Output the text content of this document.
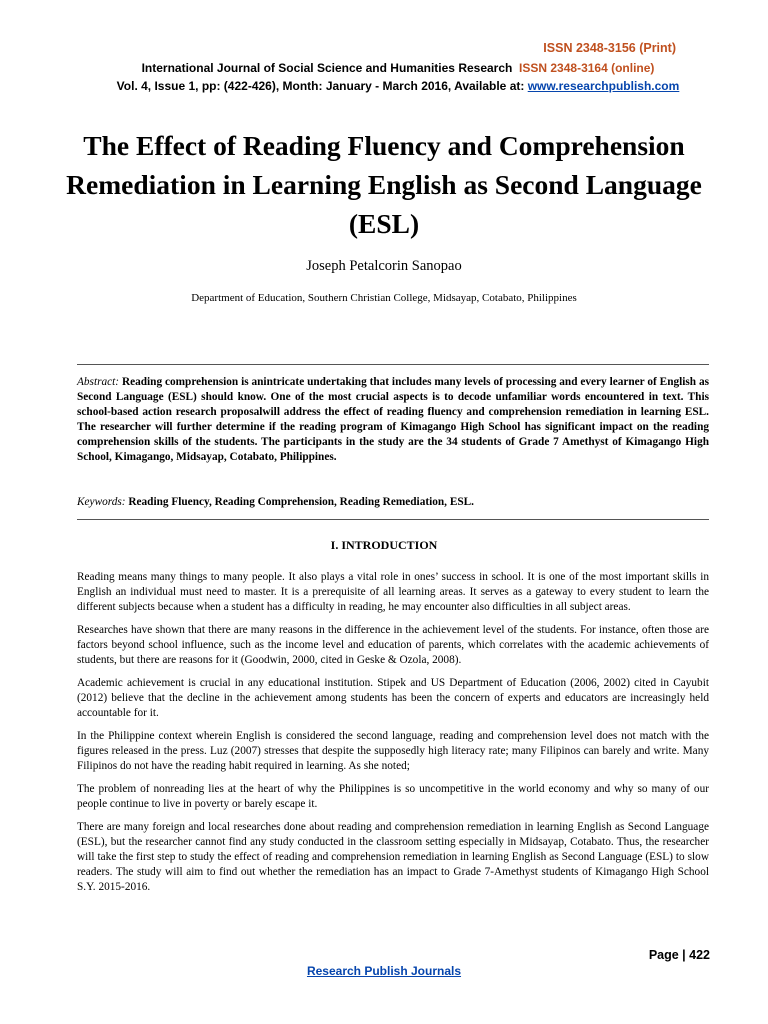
ISSN 2348-3156 (Print)
International Journal of Social Science and Humanities Research ISSN 2348-3164 (online)
Vol. 4, Issue 1, pp: (422-426), Month: January - March 2016, Available at: www.researchpublish.com
The Effect of Reading Fluency and Comprehension Remediation in Learning English as Second Language (ESL)
Joseph Petalcorin Sanopao
Department of Education, Southern Christian College, Midsayap, Cotabato, Philippines
Abstract: Reading comprehension is anintricate undertaking that includes many levels of processing and every learner of English as Second Language (ESL) should know. One of the most crucial aspects is to decode unfamiliar words encountered in text. This school-based action research proposalwill address the effect of reading fluency and comprehension remediation in learning ESL. The researcher will further determine if the reading program of Kimagango High School has significant impact on the reading comprehension skills of the students. The participants in the study are the 34 students of Grade 7 Amethyst of Kimagango High School, Kimagango, Midsayap, Cotabato, Philippines.
Keywords: Reading Fluency, Reading Comprehension, Reading Remediation, ESL.
I. INTRODUCTION

Reading means many things to many people. It also plays a vital role in ones’ success in school. It is one of the most important skills in English an individual must need to master. It is a prerequisite of all learning areas. It serves as a gateway to every student to learn the different subjects because when a student has a difficulty in reading, he may encounter also difficulties in all subject areas.

Researches have shown that there are many reasons in the difference in the achievement level of the students. For instance, often those are factors beyond school influence, such as the income level and education of parents, which correlates with the academic achievements of students, but there are reasons for it (Goodwin, 2000, cited in Geske & Ozola, 2008).

Academic achievement is crucial in any educational institution. Stipek and US Department of Education (2006, 2002) cited in Cayubit (2012) believe that the decline in the achievement among students has been the concern of experts and educators are increasingly held accountable for it.

In the Philippine context wherein English is considered the second language, reading and comprehension level does not match with the figures released in the press. Luz (2007) stresses that despite the supposedly high literacy rate; many Filipinos can barely and write. Many Filipinos do not have the reading habit required in learning. As she noted;

The problem of nonreading lies at the heart of why the Philippines is so uncompetitive in the world economy and why so many of our people continue to live in poverty or barely escape it.

There are many foreign and local researches done about reading and comprehension remediation in learning English as Second Language (ESL), but the researcher cannot find any study conducted in the classroom setting especially in Midsayap, Cotabato. Thus, the researcher will take the first step to study the effect of reading and comprehension remediation in learning English as Second Language (ESL) to slow readers. The study will aim to find out whether the remediation has an impact to Grade 7-Amethyst students of Kimagango High School S.Y. 2015-2016.

Page | 422
Research Publish Journals
